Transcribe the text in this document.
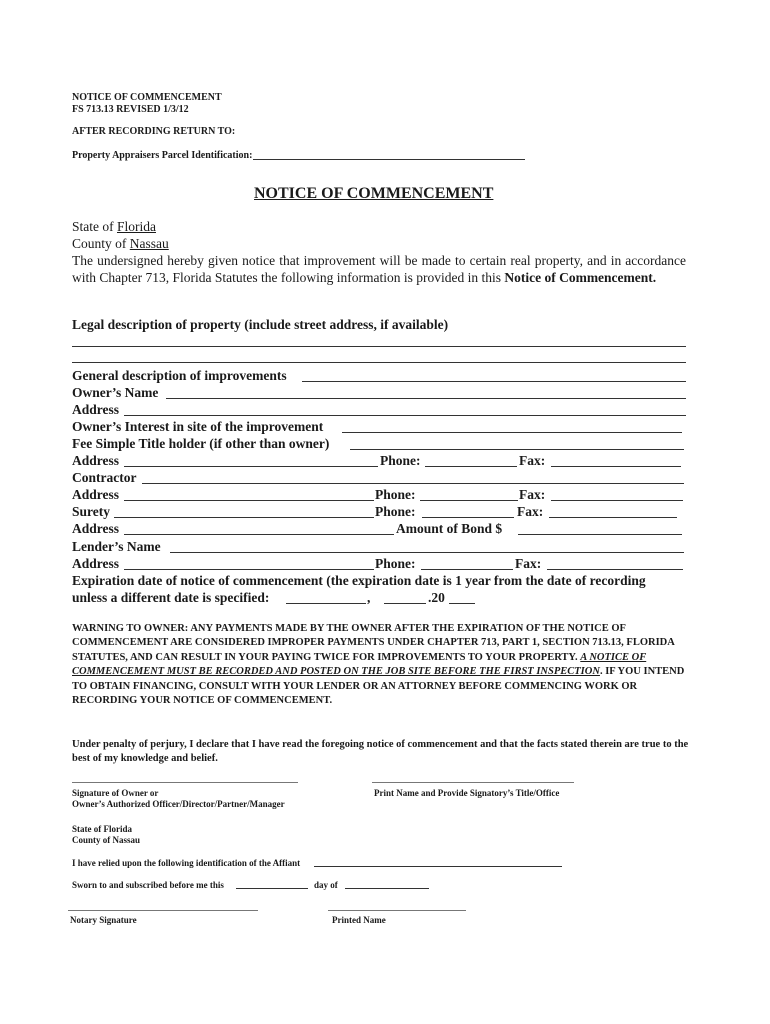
NOTICE OF COMMENCEMENT
FS 713.13 REVISED 1/3/12
AFTER RECORDING RETURN TO:
Property Appraisers Parcel Identification:
NOTICE OF COMMENCEMENT
State of Florida
County of Nassau
The undersigned hereby given notice that improvement will be made to certain real property, and in accordance with Chapter 713, Florida Statutes the following information is provided in this Notice of Commencement.
Legal description of property (include street address, if available)
General description of improvements
Owner’s Name
Address
Owner’s Interest in site of the improvement
Fee Simple Title holder (if other than owner)
Address	Phone:	Fax:
Contractor
Address	Phone:	Fax:
Surety	Phone:	Fax:
Address	Amount of Bond $
Lender’s Name
Address	Phone:	Fax:
Expiration date of notice of commencement (the expiration date is 1 year from the date of recording
unless a different date is specified:	,	.20
WARNING TO OWNER: ANY PAYMENTS MADE BY THE OWNER AFTER THE EXPIRATION OF THE NOTICE OF COMMENCEMENT ARE CONSIDERED IMPROPER PAYMENTS UNDER CHAPTER 713, PART 1, SECTION 713.13, FLORIDA STATUTES, AND CAN RESULT IN YOUR PAYING TWICE FOR IMPROVEMENTS TO YOUR PROPERTY. A NOTICE OF COMMENCEMENT MUST BE RECORDED AND POSTED ON THE JOB SITE BEFORE THE FIRST INSPECTION. IF YOU INTEND TO OBTAIN FINANCING, CONSULT WITH YOUR LENDER OR AN ATTORNEY BEFORE COMMENCING WORK OR RECORDING YOUR NOTICE OF COMMENCEMENT.
Under penalty of perjury, I declare that I have read the foregoing notice of commencement and that the facts stated therein are true to the best of my knowledge and belief.
Signature of Owner or
Owner’s Authorized Officer/Director/Partner/Manager
Print Name and Provide Signatory’s Title/Office
State of Florida
County of Nassau
I have relied upon the following identification of the Affiant
Sworn to and subscribed before me this	day of
Notary Signature	Printed Name
